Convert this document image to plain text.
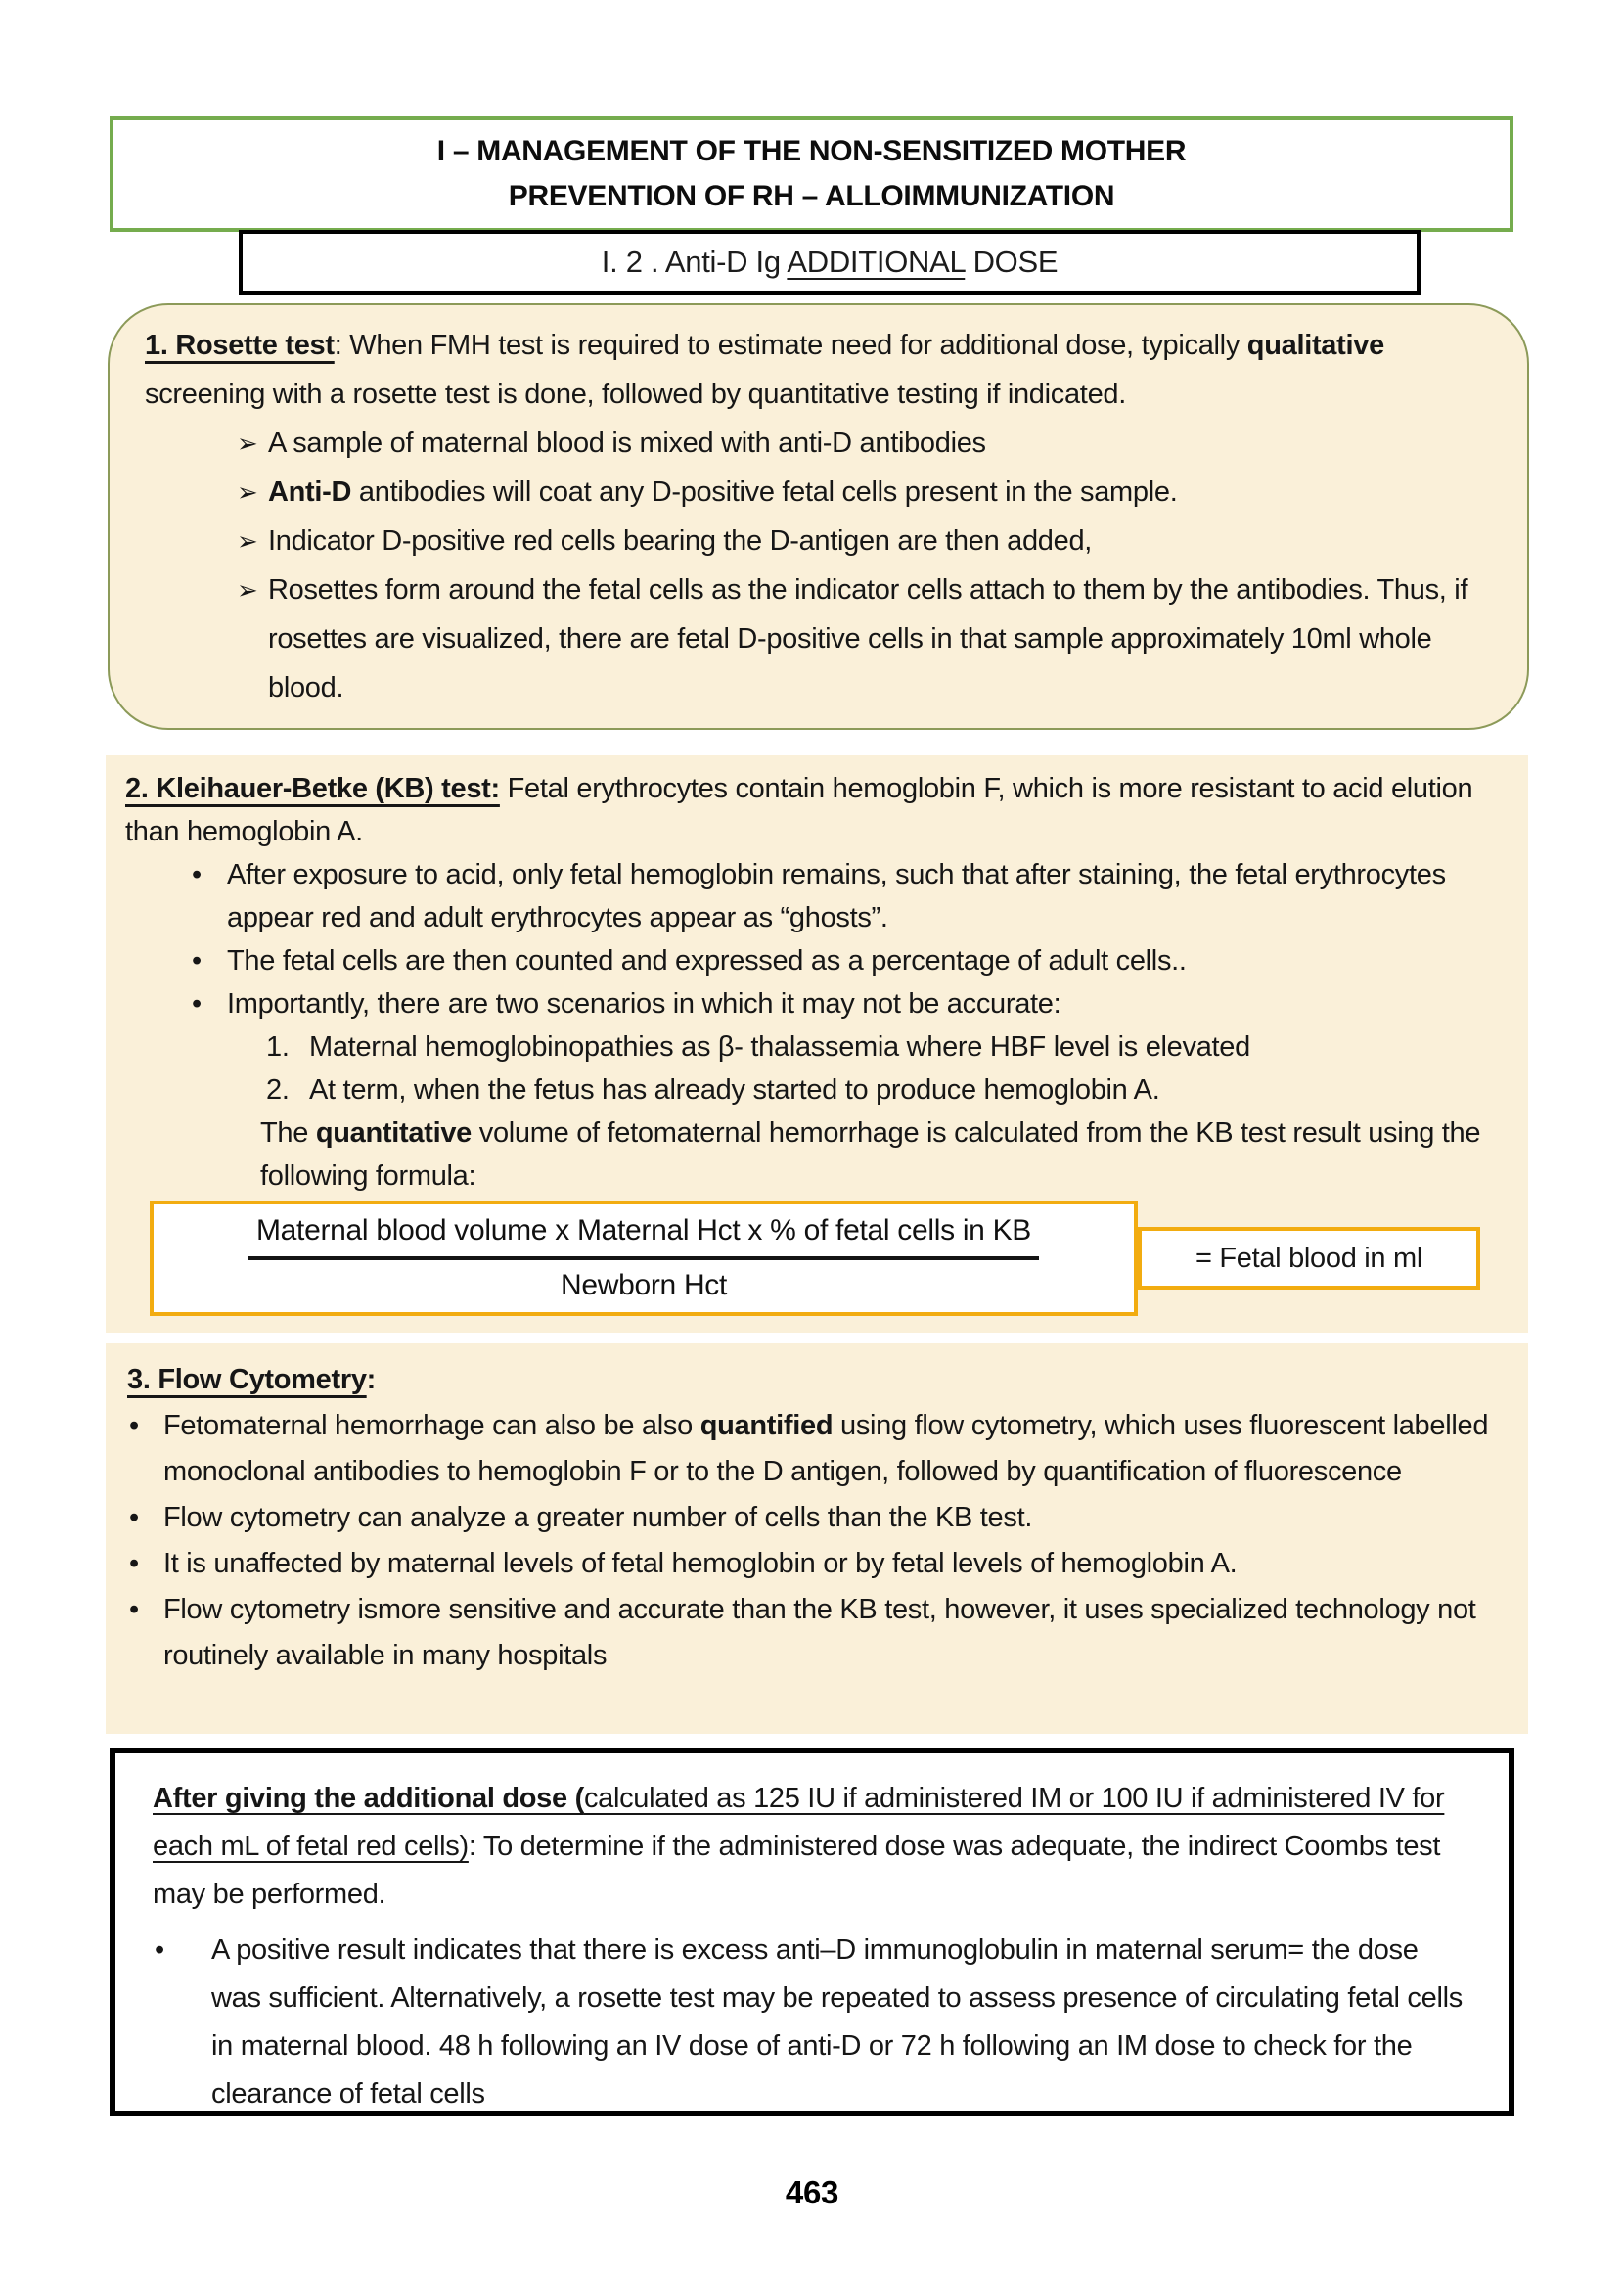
I – MANAGEMENT OF THE NON-SENSITIZED MOTHER
PREVENTION OF RH – ALLOIMMUNIZATION
I. 2 . Anti-D Ig ADDITIONAL DOSE
1. Rosette test: When FMH test is required to estimate need for additional dose, typically qualitative screening with a rosette test is done, followed by quantitative testing if indicated.
➢ A sample of maternal blood is mixed with anti-D antibodies
➢ Anti-D antibodies will coat any D-positive fetal cells present in the sample.
➢ Indicator D-positive red cells bearing the D-antigen are then added,
➢ Rosettes form around the fetal cells as the indicator cells attach to them by the antibodies. Thus, if rosettes are visualized, there are fetal D-positive cells in that sample approximately 10ml whole blood.
2. Kleihauer-Betke (KB) test: Fetal erythrocytes contain hemoglobin F, which is more resistant to acid elution than hemoglobin A.
• After exposure to acid, only fetal hemoglobin remains, such that after staining, the fetal erythrocytes appear red and adult erythrocytes appear as “ghosts”.
• The fetal cells are then counted and expressed as a percentage of adult cells..
• Importantly, there are two scenarios in which it may not be accurate:
1. Maternal hemoglobinopathies as β- thalassemia where HBF level is elevated
2. At term, when the fetus has already started to produce hemoglobin A.
The quantitative volume of fetomaternal hemorrhage is calculated from the KB test result using the following formula:
Maternal blood volume x Maternal Hct x % of fetal cells in KB
Newborn Hct
= Fetal blood in ml
3. Flow Cytometry:
• Fetomaternal hemorrhage can also be also quantified using flow cytometry, which uses fluorescent labelled monoclonal antibodies to hemoglobin F or to the D antigen, followed by quantification of fluorescence
• Flow cytometry can analyze a greater number of cells than the KB test.
• It is unaffected by maternal levels of fetal hemoglobin or by fetal levels of hemoglobin A.
• Flow cytometry ismore sensitive and accurate than the KB test, however, it uses specialized technology not routinely available in many hospitals
After giving the additional dose (calculated as 125 IU if administered IM or 100 IU if administered IV for each mL of fetal red cells): To determine if the administered dose was adequate, the indirect Coombs test may be performed.
• A positive result indicates that there is excess anti–D immunoglobulin in maternal serum= the dose was sufficient. Alternatively, a rosette test may be repeated to assess presence of circulating fetal cells in maternal blood. 48 h following an IV dose of anti-D or 72 h following an IM dose to check for the clearance of fetal cells
463
